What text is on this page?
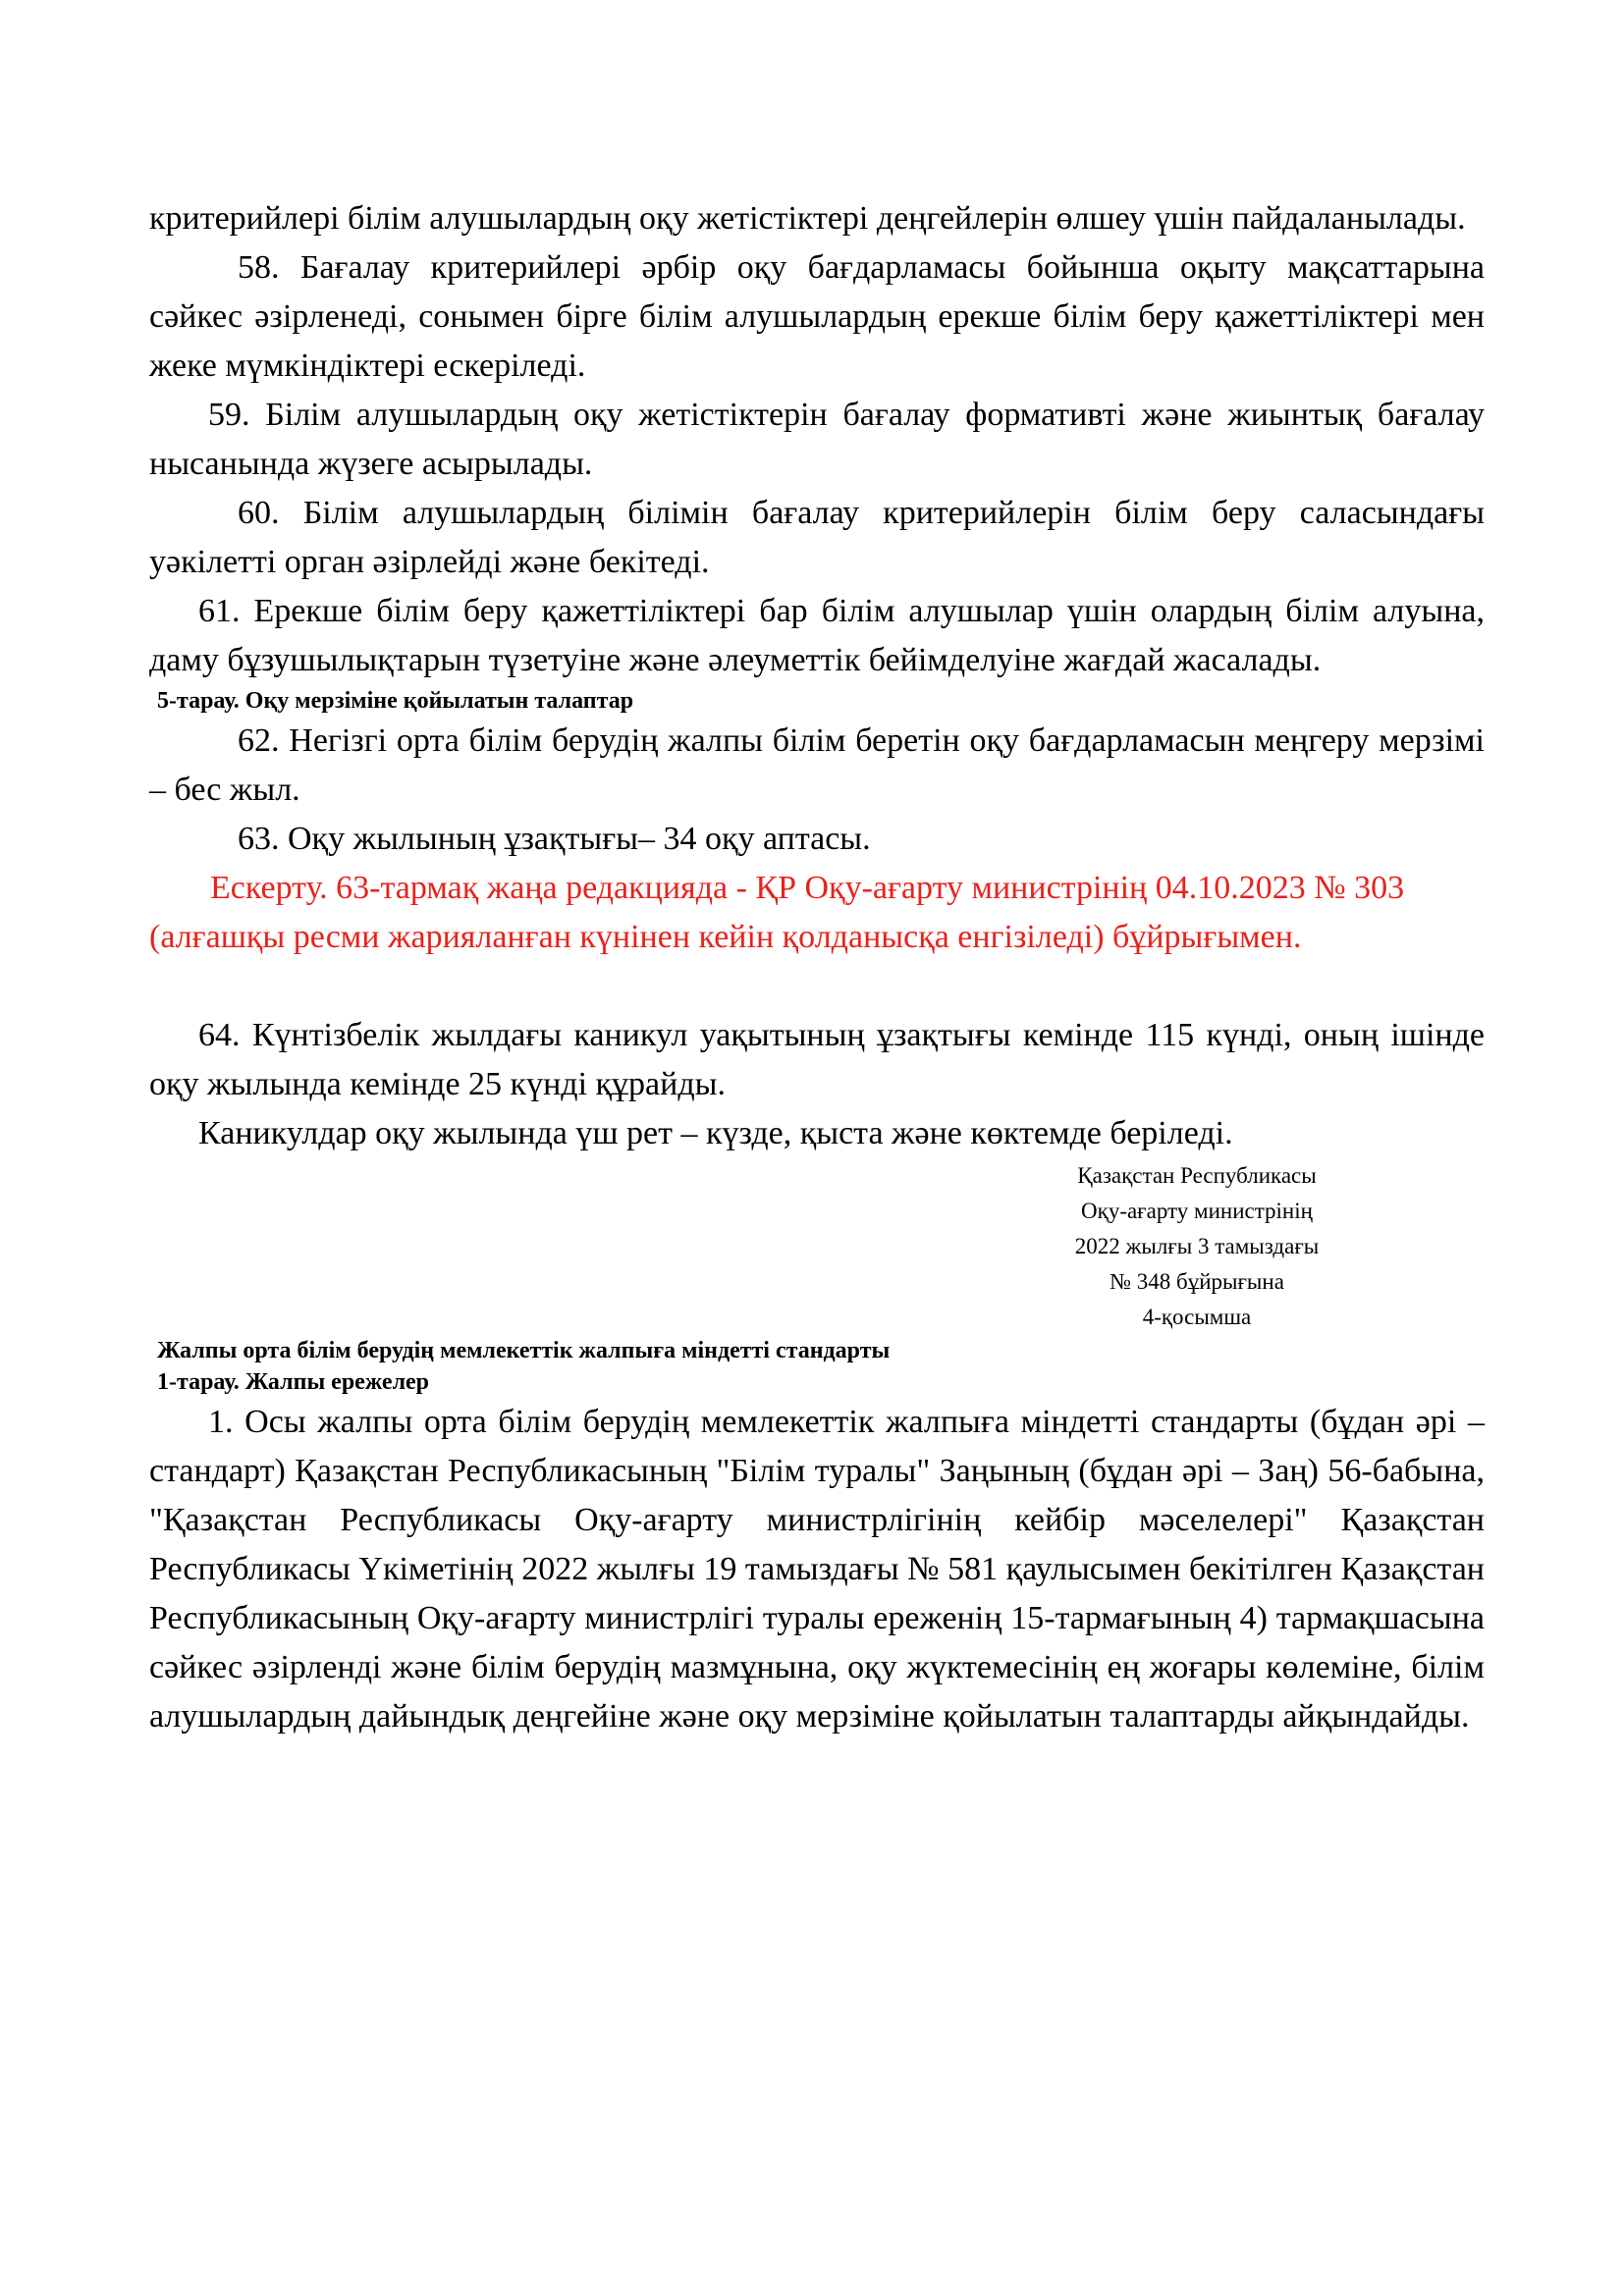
критерийлері білім алушылардың оқу жетістіктері деңгейлерін өлшеу үшін пайдаланылады.

58. Бағалау критерийлері әрбір оқу бағдарламасы бойынша оқыту мақсаттарына сәйкес әзірленеді, сонымен бірге білім алушылардың ерекше білім беру қажеттіліктері мен жеке мүмкіндіктері ескеріледі.

59. Білім алушылардың оқу жетістіктерін бағалау формативті және жиынтық бағалау нысанында жүзеге асырылады.

60. Білім алушылардың білімін бағалау критерийлерін білім беру саласындағы уәкілетті орган әзірлейді және бекітеді.

61. Ерекше білім беру қажеттіліктері бар білім алушылар үшін олардың білім алуына, даму бұзушылықтарын түзетуіне және әлеуметтік бейімделуіне жағдай жасалады.

5-тарау. Оқу мерзіміне қойылатын талаптар

62. Негізгі орта білім берудің жалпы білім беретін оқу бағдарламасын меңгеру мерзімі – бес жыл.

63. Оқу жылының ұзақтығы– 34 оқу аптасы.

Ескерту. 63-тармақ жаңа редакцияда - ҚР Оқу-ағарту министрінің 04.10.2023 № 303 (алғашқы ресми жарияланған күнінен кейін қолданысқа енгізіледі) бұйрығымен.

64. Күнтізбелік жылдағы каникул уақытының ұзақтығы кемінде 115 күнді, оның ішінде оқу жылында кемінде 25 күнді құрайды.

Каникулдар оқу жылында үш рет – күзде, қыста және көктемде беріледі.

Қазақстан Республикасы
Оқу-ағарту министрінің
2022 жылғы 3 тамыздағы
№ 348 бұйрығына
4-қосымша

Жалпы орта білім берудің мемлекеттік жалпыға міндетті стандарты

1-тарау. Жалпы ережелер

1. Осы жалпы орта білім берудің мемлекеттік жалпыға міндетті стандарты (бұдан әрі – стандарт) Қазақстан Республикасының "Білім туралы" Заңының (бұдан әрі – Заң) 56-бабына, "Қазақстан Республикасы Оқу-ағарту министрлігінің кейбір мәселелері" Қазақстан Республикасы Үкіметінің 2022 жылғы 19 тамыздағы № 581 қаулысымен бекітілген Қазақстан Республикасының Оқу-ағарту министрлігі туралы ереженің 15-тармағының 4) тармақшасына сәйкес әзірленді және білім берудің мазмұнына, оқу жүктемесінің ең жоғары көлеміне, білім алушылардың дайындық деңгейіне және оқу мерзіміне қойылатын талаптарды айқындайды.
